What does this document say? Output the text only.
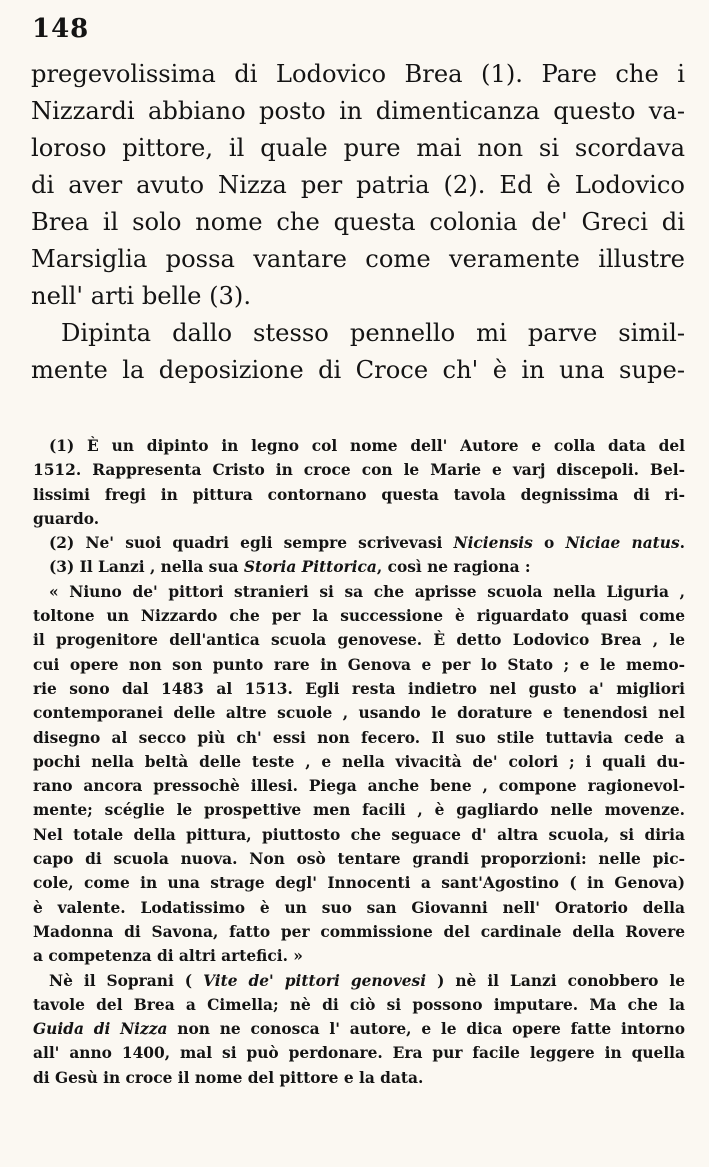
148
pregevolissima di Lodovico Brea (1). Pare che i
Nizzardi abbiano posto in dimenticanza questo va-
loroso pittore, il quale pure mai non si scordava
di aver avuto Nizza per patria (2). Ed è Lodovico
Brea il solo nome che questa colonia de' Greci di
Marsiglia possa vantare come veramente illustre
nell' arti belle (3).
Dipinta dallo stesso pennello mi parve simil-
mente la deposizione di Croce ch' è in una supe-
(1) È un dipinto in legno col nome dell' Autore e colla data del
1512. Rappresenta Cristo in croce con le Marie e varj discepoli. Bel-
lissimi fregi in pittura contornano questa tavola degnissima di ri-
guardo.
(2) Ne' suoi quadri egli sempre scrivevasi Niciensis o Niciae natus.
(3) Il Lanzi , nella sua Storia Pittorica, così ne ragiona :
« Niuno de' pittori stranieri si sa che aprisse scuola nella Liguria ,
toltone un Nizzardo che per la successione è riguardato quasi come
il progenitore dell'antica scuola genovese. È detto Lodovico Brea , le
cui opere non son punto rare in Genova e per lo Stato ; e le memo-
rie sono dal 1483 al 1513. Egli resta indietro nel gusto a' migliori
contemporanei delle altre scuole , usando le dorature e tenendosi nel
disegno al secco più ch' essi non fecero. Il suo stile tuttavia cede a
pochi nella beltà delle teste , e nella vivacità de' colori ; i quali du-
rano ancora pressochè illesi. Piega anche bene , compone ragionevol-
mente; scéglie le prospettive men facili , è gagliardo nelle movenze.
Nel totale della pittura, piuttosto che seguace d' altra scuola, si diria
capo di scuola nuova. Non osò tentare grandi proporzioni: nelle pic-
cole, come in una strage degl' Innocenti a sant'Agostino ( in Genova)
è valente. Lodatissimo è un suo san Giovanni nell' Oratorio della
Madonna di Savona, fatto per commissione del cardinale della Rovere
a competenza di altri artefici. »
Nè il Soprani ( Vite de' pittori genovesi ) nè il Lanzi conobbero le
tavole del Brea a Cimella; nè di ciò si possono imputare. Ma che la
Guida di Nizza non ne conosca l' autore, e le dica opere fatte intorno
all' anno 1400, mal si può perdonare. Era pur facile leggere in quella
di Gesù in croce il nome del pittore e la data.
